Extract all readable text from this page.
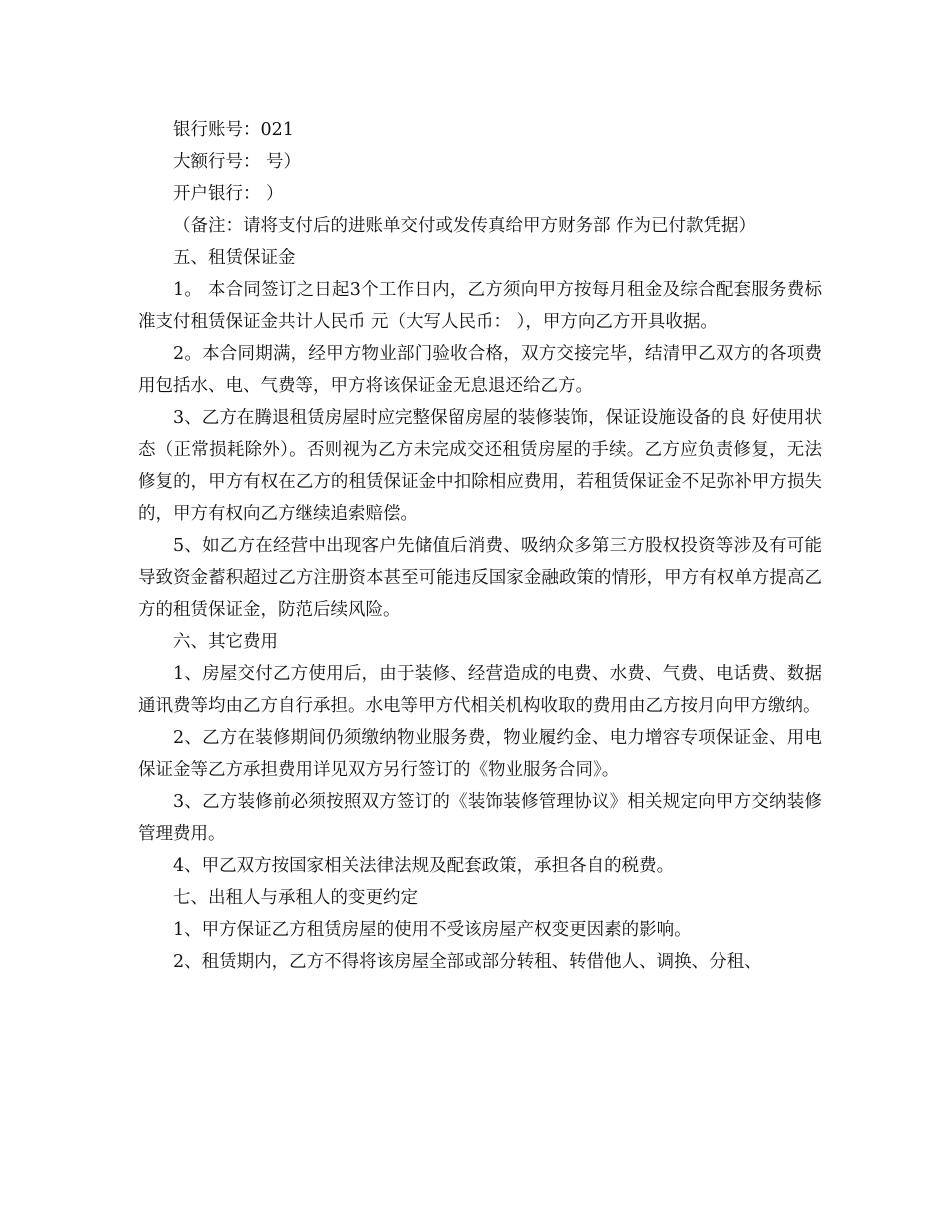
银行账号：021

大额行号： 号）

开户银行： ）

（备注：请将支付后的进账单交付或发传真给甲方财务部 作为已付款凭据）

五、租赁保证金

1。 本合同签订之日起3个工作日内，乙方须向甲方按每月租金及综合配套服务费标准支付租赁保证金共计人民币 元（大写人民币： ），甲方向乙方开具收据。

2。本合同期满，经甲方物业部门验收合格，双方交接完毕，结清甲乙双方的各项费用包括水、电、气费等，甲方将该保证金无息退还给乙方。

3、乙方在腾退租赁房屋时应完整保留房屋的装修装饰，保证设施设备的良 好使用状态（正常损耗除外）。否则视为乙方未完成交还租赁房屋的手续。乙方应负责修复，无法修复的，甲方有权在乙方的租赁保证金中扣除相应费用，若租赁保证金不足弥补甲方损失的，甲方有权向乙方继续追索赔偿。

5、如乙方在经营中出现客户先储值后消费、吸纳众多第三方股权投资等涉及有可能导致资金蓄积超过乙方注册资本甚至可能违反国家金融政策的情形，甲方有权单方提高乙方的租赁保证金，防范后续风险。

六、其它费用

1、房屋交付乙方使用后，由于装修、经营造成的电费、水费、气费、电话费、数据通讯费等均由乙方自行承担。水电等甲方代相关机构收取的费用由乙方按月向甲方缴纳。

2、乙方在装修期间仍须缴纳物业服务费，物业履约金、电力增容专项保证金、用电保证金等乙方承担费用详见双方另行签订的《物业服务合同》。

3、乙方装修前必须按照双方签订的《装饰装修管理协议》相关规定向甲方交纳装修管理费用。

4、甲乙双方按国家相关法律法规及配套政策，承担各自的税费。

七、出租人与承租人的变更约定

1、甲方保证乙方租赁房屋的使用不受该房屋产权变更因素的影响。

2、租赁期内，乙方不得将该房屋全部或部分转租、转借他人、调换、分租、
